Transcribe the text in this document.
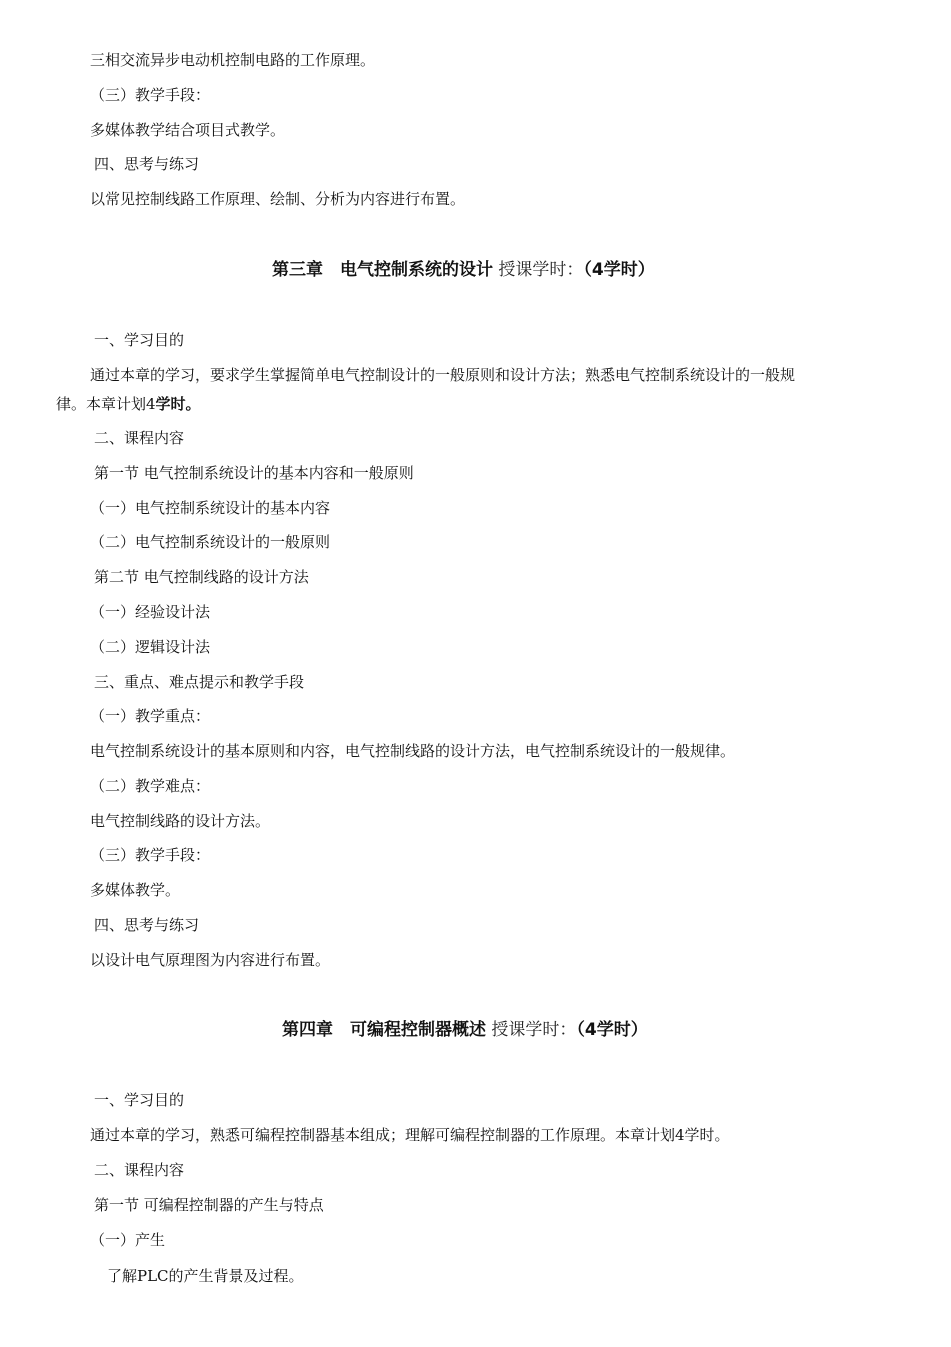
三相交流异步电动机控制电路的工作原理。
（三）教学手段：
多媒体教学结合项目式教学。
四、思考与练习
以常见控制线路工作原理、绘制、分析为内容进行布置。
第三章　电气控制系统的设计 授课学时：（4学时）
一、学习目的
通过本章的学习，要求学生掌握简单电气控制设计的一般原则和设计方法；熟悉电气控制系统设计的一般规
律。本章计划4学时。
二、课程内容
第一节 电气控制系统设计的基本内容和一般原则
（一）电气控制系统设计的基本内容
（二）电气控制系统设计的一般原则
第二节 电气控制线路的设计方法
（一）经验设计法
（二）逻辑设计法
三、重点、难点提示和教学手段
（一）教学重点：
电气控制系统设计的基本原则和内容，电气控制线路的设计方法，电气控制系统设计的一般规律。
（二）教学难点：
电气控制线路的设计方法。
（三）教学手段：
多媒体教学。
四、思考与练习
以设计电气原理图为内容进行布置。
第四章　可编程控制器概述 授课学时：（4学时）
一、学习目的
通过本章的学习，熟悉可编程控制器基本组成；理解可编程控制器的工作原理。本章计划4学时。
二、课程内容
第一节 可编程控制器的产生与特点
（一）产生
了解PLC的产生背景及过程。
